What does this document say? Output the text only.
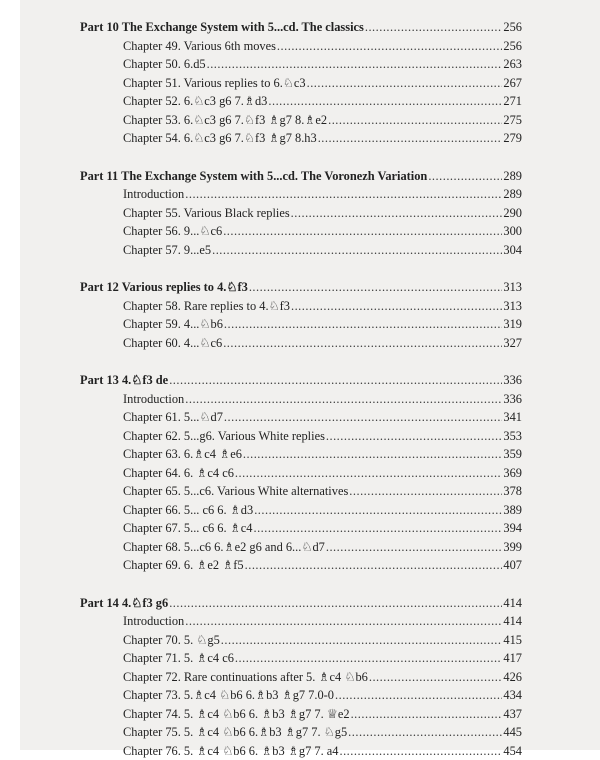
Part 10 The Exchange System with 5...cd. The classics .....	256
Chapter 49. Various 6th moves .....	256
Chapter 50. 6.d5 .....	263
Chapter 51. Various replies to 6.♘c3 .....	267
Chapter 52. 6.♘c3 g6 7.♗d3 .....	271
Chapter 53. 6.♘c3 g6 7.♘f3 ♗g7 8.♗e2 .....	275
Chapter 54. 6.♘c3 g6 7.♘f3 ♗g7 8.h3 .....	279
Part 11 The Exchange System with 5...cd. The Voronezh Variation .....	289
Introduction .....	289
Chapter 55. Various Black replies .....	290
Chapter 56. 9...♘c6 .....	300
Chapter 57. 9...e5 .....	304
Part 12 Various replies to 4.♘f3 .....	313
Chapter 58. Rare replies to 4.♘f3 .....	313
Chapter 59. 4...♘b6 .....	319
Chapter 60. 4...♘c6 .....	327
Part 13 4.♘f3 de .....	336
Introduction .....	336
Chapter 61. 5...♘d7 .....	341
Chapter 62. 5...g6. Various White replies .....	353
Chapter 63. 6.♗c4 ♗e6 .....	359
Chapter 64. 6. ♗c4 c6 .....	369
Chapter 65. 5...c6. Various White alternatives .....	378
Chapter 66. 5... c6 6. ♗d3 .....	389
Chapter 67. 5... c6 6. ♗c4 .....	394
Chapter 68. 5...c6 6.♗e2 g6 and 6...♘d7 .....	399
Chapter 69. 6. ♗e2 ♗f5 .....	407
Part 14 4.♘f3 g6 .....	414
Introduction .....	414
Chapter 70. 5. ♘g5 .....	415
Chapter 71. 5. ♗c4 c6 .....	417
Chapter 72. Rare continuations after 5. ♗c4 ♘b6 .....	426
Chapter 73. 5.♗c4 ♘b6 6.♗b3 ♗g7 7.0-0 .....	434
Chapter 74. 5. ♗c4 ♘b6 6. ♗b3 ♗g7 7. ♕e2 .....	437
Chapter 75. 5. ♗c4 ♘b6 6.♗b3 ♗g7 7. ♘g5 .....	445
Chapter 76. 5. ♗c4 ♘b6 6. ♗b3 ♗g7 7. a4 .....	454
